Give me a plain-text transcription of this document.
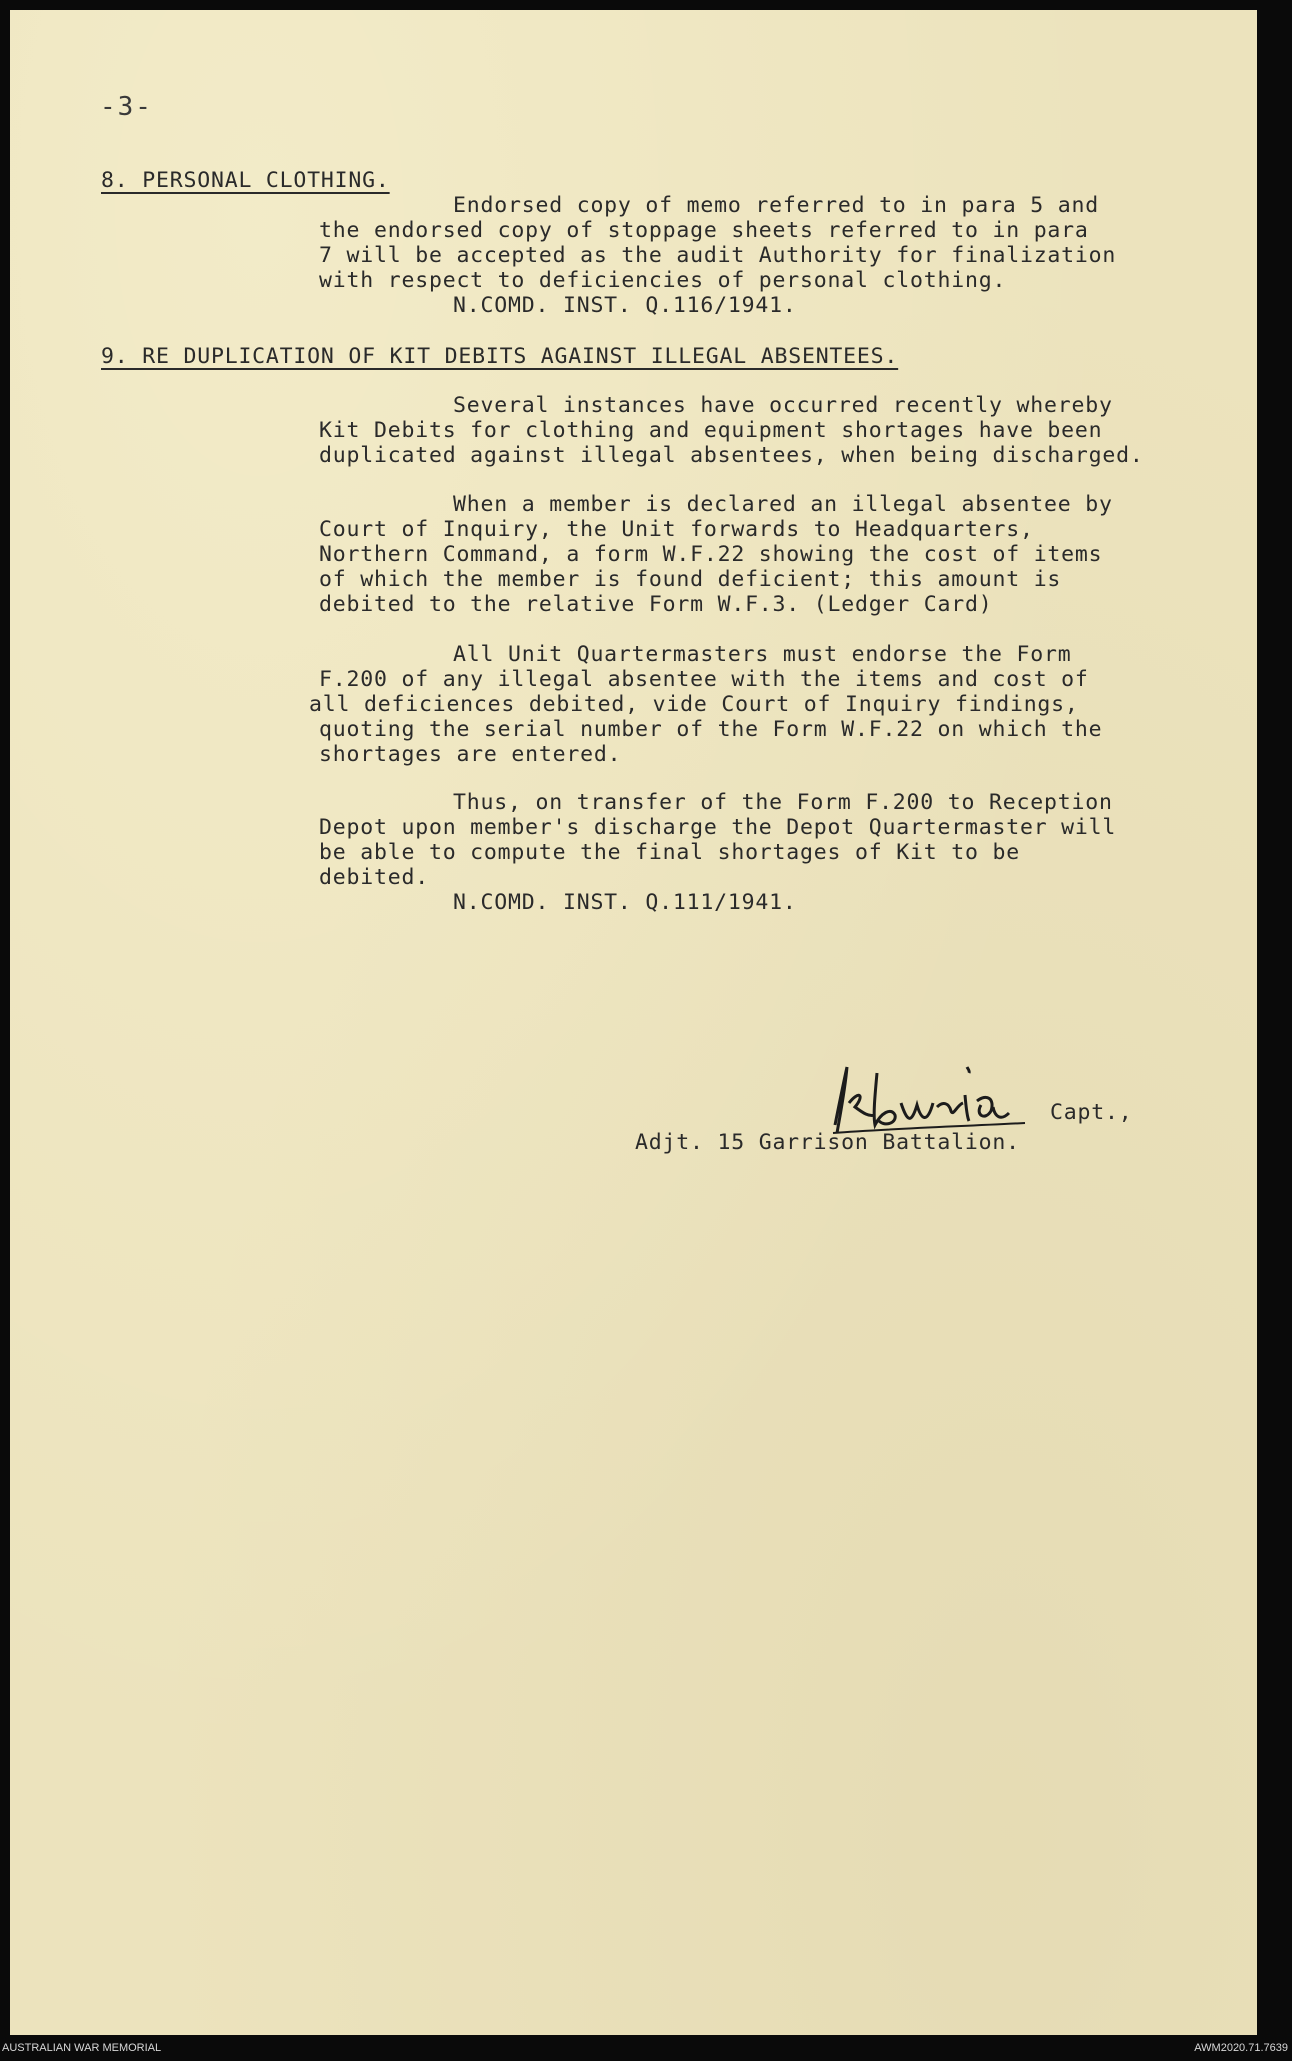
-3-
8. PERSONAL CLOTHING.
Endorsed copy of memo referred to in para 5 and
the endorsed copy of stoppage sheets referred to in para
7 will be accepted as the audit Authority for finalization
with respect to deficiencies of personal clothing.
N.COMD. INST. Q.116/1941.
9. RE DUPLICATION OF KIT DEBITS AGAINST ILLEGAL ABSENTEES.
Several instances have occurred recently whereby
Kit Debits for clothing and equipment shortages have been
duplicated against illegal absentees, when being discharged.
When a member is declared an illegal absentee by
Court of Inquiry, the Unit forwards to Headquarters,
Northern Command, a form W.F.22 showing the cost of items
of which the member is found deficient; this amount is
debited to the relative Form W.F.3. (Ledger Card)
All Unit Quartermasters must endorse the Form
F.200 of any illegal absentee with the items and cost of
all deficiences debited, vide Court of Inquiry findings,
quoting the serial number of the Form W.F.22 on which the
shortages are entered.
Thus, on transfer of the Form F.200 to Reception
Depot upon member's discharge the Depot Quartermaster will
be able to compute the final shortages of Kit to be
debited.
N.COMD. INST. Q.111/1941.
Capt.,
Adjt. 15 Garrison Battalion.
AUSTRALIAN WAR MEMORIAL	AWM2020.71.7639
